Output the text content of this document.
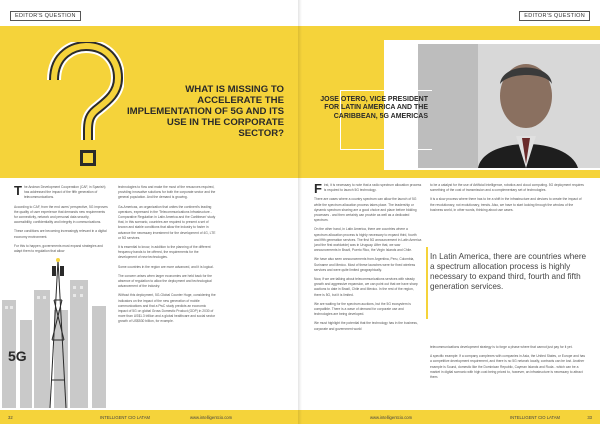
EDITOR'S QUESTION
WHAT IS MISSING TO ACCELERATE THE IMPLEMENTATION OF 5G AND ITS USE IN THE CORPORATE SECTOR?

The Andean Development Cooperation (CAF, in Spanish) has addressed the impact of the fifth generation of telecommunications.

According to CAF, from the end users' perspective, 5G improves the quality of user experience that demands new requirements for connectivity, network and personal data security, accessibility, confidentiality and integrity in communications.

These conditions are becoming increasingly relevant in a digital economy environment.

For this to happen, governments must expand strategies and adapt them to regulation that allow

technologies to flow and make the most of the resources required, providing innovative solutions for both the corporate sector and the general population. And the demand is growing.

Ga-Americas, an organization that unites the continent's leading operators, expressed in the 'Telecommunications Infrastructure - Comparative Regulation in Latin America and the Caribbean' study that, in this scenario, countries are required to present a set of known and stable conditions that allow the industry to foster in advance the necessary investment for the development of 4G, LTE or 5G services.

It is essential to know, in addition to the planning of the different frequency bands to be offered, the requirements for the development of new technologies.

Some countries in the region are more advanced, and it is logical.

The concern arises when larger economies are held back for the absence of regulation to allow the deployment and technological advancement of the industry.

Without this deployment, 5G-Global Counter Huge, considering the indicators on the impact of the new generation of mobile communications and that a PwC study predicts an economic impact of 5G on global Gross Domestic Product (GDP) in 2030 of more than US$1.3 trillion and a global healthcare and social sector growth of US$530 billion, for example.

5G
32	INTELLIGENT CIO LATAM	www.intelligentcio.com
EDITOR'S QUESTION
JOSE OTERO, VICE PRESIDENT FOR LATIN AMERICA AND THE CARIBBEAN, 5G AMERICAS

First, it is necessary to note that a radio spectrum allocation process is required to launch 5G technology.

There are cases where a country spectrum can allow the launch of 5G while the spectrum allocation process takes place. The leadership or dynamic spectrum sharing are a good choice and place before bidding processes - and then certainly can provide as well as a dedicated spectrum.

On the other hand, in Latin America, there are countries where a spectrum allocation process is highly necessary to expand third, fourth and fifth generation services. The first 5G announcement in Latin America (and the first worldwide) was in Uruguay. After that, we saw announcements in Brazil, Puerto Rico, the Virgin Islands and Chile.

We have also seen announcements from Argentina, Peru, Colombia, Suriname and Mexico. Most of these launches were for fixed wireless services and were quite limited geographically.

Now, if we are talking about telecommunications services with steady growth and aggressive expansion, we can point out that we have sharp auctions to date in Brazil, Chile and Mexico. In the rest of the region, there is 5G, but it is limited.

We are waiting for the spectrum auctions, but the 5G ecosystem is compatible. There is a wave of demand for corporate use and technologies are being developed.

We must highlight the potential that the technology has in the business, corporate and government world

to be a catalyst for the use of Artificial Intelligence, robotics and cloud computing. 5G deployment requires something of the cost of transmission and a complementary set of technologies.

It is a slow process where there has to be a shift in the infrastructure and devices to create the impact of the revolutionary, not evolutionary, trends. Also, we have to start looking through the window of the business world, in other words, thinking about use cases.

In Latin America, there are countries where a spectrum allocation process is highly necessary to expand third, fourth and fifth generation services.

telecommunications development strategy is to forge a phase where that cannot just pay for it yet.

A specific example: If a company complexes with companies in Asia, the United States, or Europe and has a competitive development requirement, and there is no 5G network locally, contracts can be lost. Another example is Sound, domestic like the Dominican Republic, Cayman Islands and Ruda - which can be a market in digital scenario with high cost being priced to, however, an infrastructure is necessary to attract them.

www.intelligentcio.com	INTELLIGENT CIO LATAM	33
